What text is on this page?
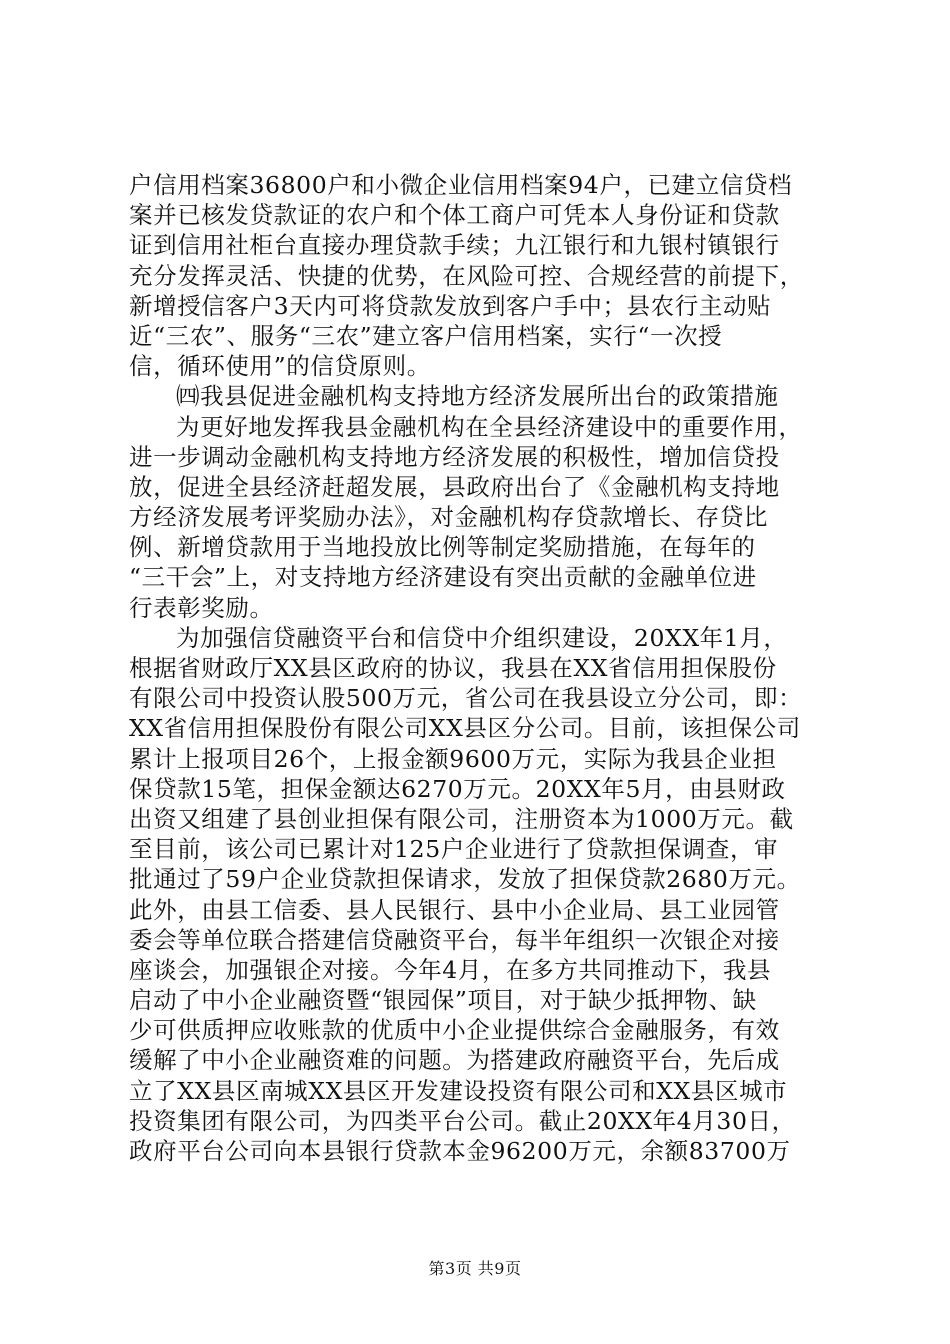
户信用档案36800户和小微企业信用档案94户，已建立信贷档
案并已核发贷款证的农户和个体工商户可凭本人身份证和贷款
证到信用社柜台直接办理贷款手续；九江银行和九银村镇银行
充分发挥灵活、快捷的优势，在风险可控、合规经营的前提下，
新增授信客户3天内可将贷款发放到客户手中；县农行主动贴
近“三农”、服务“三农”建立客户信用档案，实行“一次授
信，循环使用”的信贷原则。
㈣我县促进金融机构支持地方经济发展所出台的政策措施
为更好地发挥我县金融机构在全县经济建设中的重要作用，
进一步调动金融机构支持地方经济发展的积极性，增加信贷投
放，促进全县经济赶超发展，县政府出台了《金融机构支持地
方经济发展考评奖励办法》，对金融机构存贷款增长、存贷比
例、新增贷款用于当地投放比例等制定奖励措施，在每年的
“三干会”上，对支持地方经济建设有突出贡献的金融单位进
行表彰奖励。
为加强信贷融资平台和信贷中介组织建设，20XX年1月，
根据省财政厅XX县区政府的协议，我县在XX省信用担保股份
有限公司中投资认股500万元，省公司在我县设立分公司，即：
XX省信用担保股份有限公司XX县区分公司。目前，该担保公司
累计上报项目26个，上报金额9600万元，实际为我县企业担
保贷款15笔，担保金额达6270万元。20XX年5月，由县财政
出资又组建了县创业担保有限公司，注册资本为1000万元。截
至目前，该公司已累计对125户企业进行了贷款担保调查，审
批通过了59户企业贷款担保请求，发放了担保贷款2680万元。
此外，由县工信委、县人民银行、县中小企业局、县工业园管
委会等单位联合搭建信贷融资平台，每半年组织一次银企对接
座谈会，加强银企对接。今年4月，在多方共同推动下，我县
启动了中小企业融资暨“银园保”项目，对于缺少抵押物、缺
少可供质押应收账款的优质中小企业提供综合金融服务，有效
缓解了中小企业融资难的问题。为搭建政府融资平台，先后成
立了XX县区南城XX县区开发建设投资有限公司和XX县区城市
投资集团有限公司，为四类平台公司。截止20XX年4月30日，
政府平台公司向本县银行贷款本金96200万元，余额83700万
第3页 共9页
